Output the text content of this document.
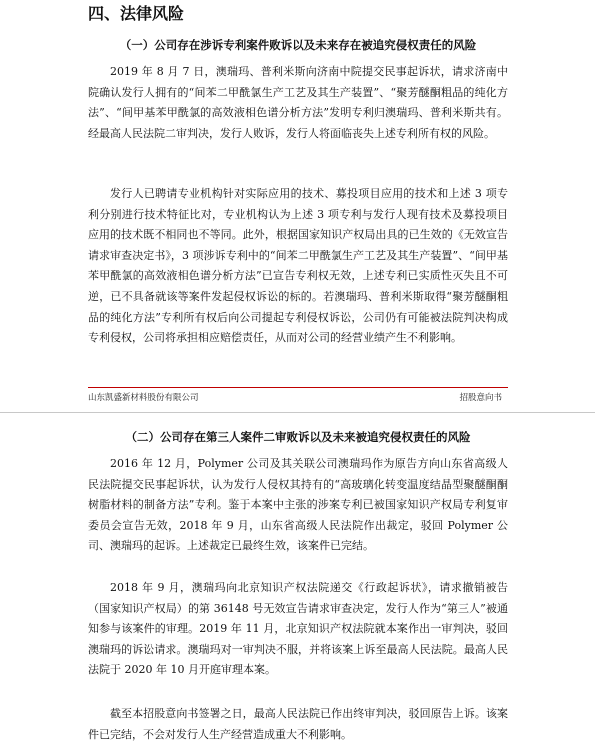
四、法律风险
（一）公司存在涉诉专利案件败诉以及未来存在被追究侵权责任的风险

2019 年 8 月 7 日，澳瑞玛、普利米斯向济南中院提交民事起诉状，请求济南中院确认发行人拥有的“间苯二甲酰氯生产工艺及其生产装置”、“聚芳醚酮粗品的纯化方法”、“间甲基苯甲酰氯的高效液相色谱分析方法”发明专利归澳瑞玛、普利米斯共有。经最高人民法院二审判决，发行人败诉，发行人将面临丧失上述专利所有权的风险。

发行人已聘请专业机构针对实际应用的技术、募投项目应用的技术和上述 3 项专利分别进行技术特征比对，专业机构认为上述 3 项专利与发行人现有技术及募投项目应用的技术既不相同也不等同。此外，根据国家知识产权局出具的已生效的《无效宣告请求审查决定书》，3 项涉诉专利中的“间苯二甲酰氯生产工艺及其生产装置”、“间甲基苯甲酰氯的高效液相色谱分析方法”已宣告专利权无效，上述专利已实质性灭失且不可逆，已不具备就该等案件发起侵权诉讼的标的。若澳瑞玛、普利米斯取得“聚芳醚酮粗品的纯化方法”专利所有权后向公司提起专利侵权诉讼，公司仍有可能被法院判决构成专利侵权，公司将承担相应赔偿责任，从而对公司的经营业绩产生不利影响。

山东凯盛新材料股份有限公司	招股意向书
（二）公司存在第三人案件二审败诉以及未来被追究侵权责任的风险

2016 年 12 月，Polymer 公司及其关联公司澳瑞玛作为原告方向山东省高级人民法院提交民事起诉状，认为发行人侵权其持有的“高玻璃化转变温度结晶型聚醚酮酮树脂材料的制备方法”专利。鉴于本案中主张的涉案专利已被国家知识产权局专利复审委员会宣告无效，2018 年 9 月，山东省高级人民法院作出裁定，驳回 Polymer 公司、澳瑞玛的起诉。上述裁定已最终生效，该案件已完结。

2018 年 9 月，澳瑞玛向北京知识产权法院递交《行政起诉状》，请求撤销被告（国家知识产权局）的第 36148 号无效宣告请求审查决定，发行人作为“第三人”被通知参与该案件的审理。2019 年 11 月，北京知识产权法院就本案作出一审判决，驳回澳瑞玛的诉讼请求。澳瑞玛对一审判决不服，并将该案上诉至最高人民法院。最高人民法院于 2020 年 10 月开庭审理本案。

截至本招股意向书签署之日，最高人民法院已作出终审判决，驳回原告上诉。该案件已完结，不会对发行人生产经营造成重大不利影响。
